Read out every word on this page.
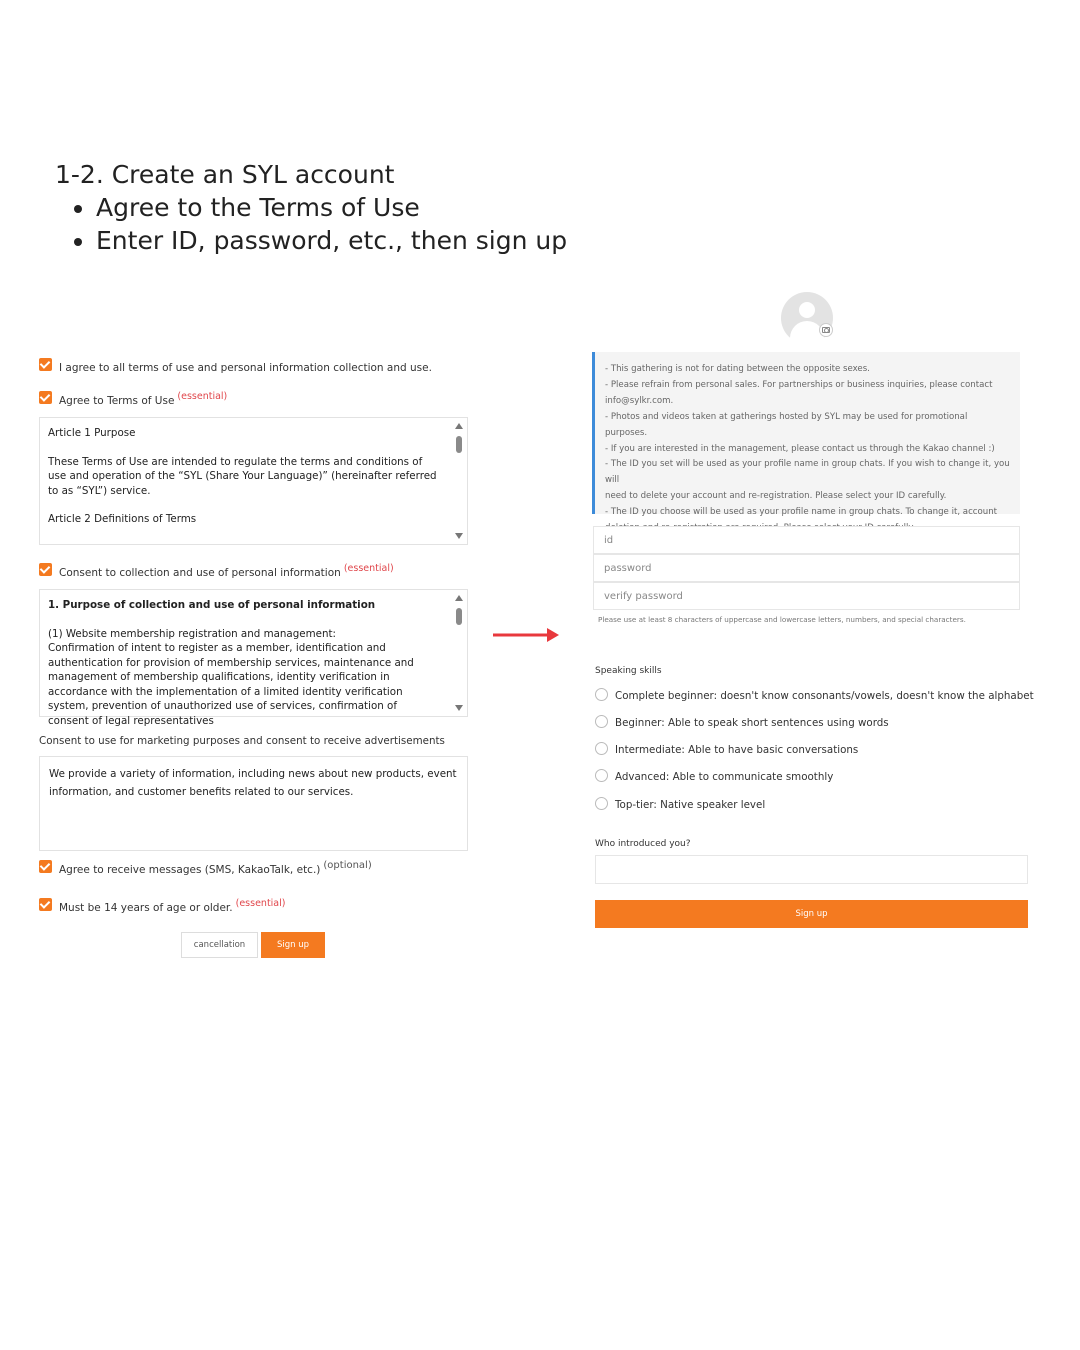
1-2. Create an SYL account
• Agree to the Terms of Use
• Enter ID, password, etc., then sign up
I agree to all terms of use and personal information collection and use.
Agree to Terms of Use (essential)

Article 1 Purpose

These Terms of Use are intended to regulate the terms and conditions of use and operation of the “SYL (Share Your Language)” (hereinafter referred to as “SYL”) service.

Article 2 Definitions of Terms

Consent to collection and use of personal information (essential)

1. Purpose of collection and use of personal information

(1) Website membership registration and management:
Confirmation of intent to register as a member, identification and authentication for provision of membership services, maintenance and management of membership qualifications, identity verification in accordance with the implementation of a limited identity verification system, prevention of unauthorized use of services, confirmation of consent of legal representatives

Consent to use for marketing purposes and consent to receive advertisements
We provide a variety of information, including news about new products, event information, and customer benefits related to our services.
Agree to receive messages (SMS, KakaoTalk, etc.) (optional)
Must be 14 years of age or older. (essential)
cancellation	Sign up
- This gathering is not for dating between the opposite sexes.
- Please refrain from personal sales. For partnerships or business inquiries, please contact
info@sylkr.com.
- Photos and videos taken at gatherings hosted by SYL may be used for promotional purposes.
- If you are interested in the management, please contact us through the Kakao channel :)
- The ID you set will be used as your profile name in group chats. If you wish to change it, you will
need to delete your account and re-registration. Please select your ID carefully.
- The ID you choose will be used as your profile name in group chats. To change it, account
id
password
verify password
Please use at least 8 characters of uppercase and lowercase letters, numbers, and special characters.
Speaking skills
Complete beginner: doesn't know consonants/vowels, doesn't know the alphabet
Beginner: Able to speak short sentences using words
Intermediate: Able to have basic conversations
Advanced: Able to communicate smoothly
Top-tier: Native speaker level
Who introduced you?
Sign up
